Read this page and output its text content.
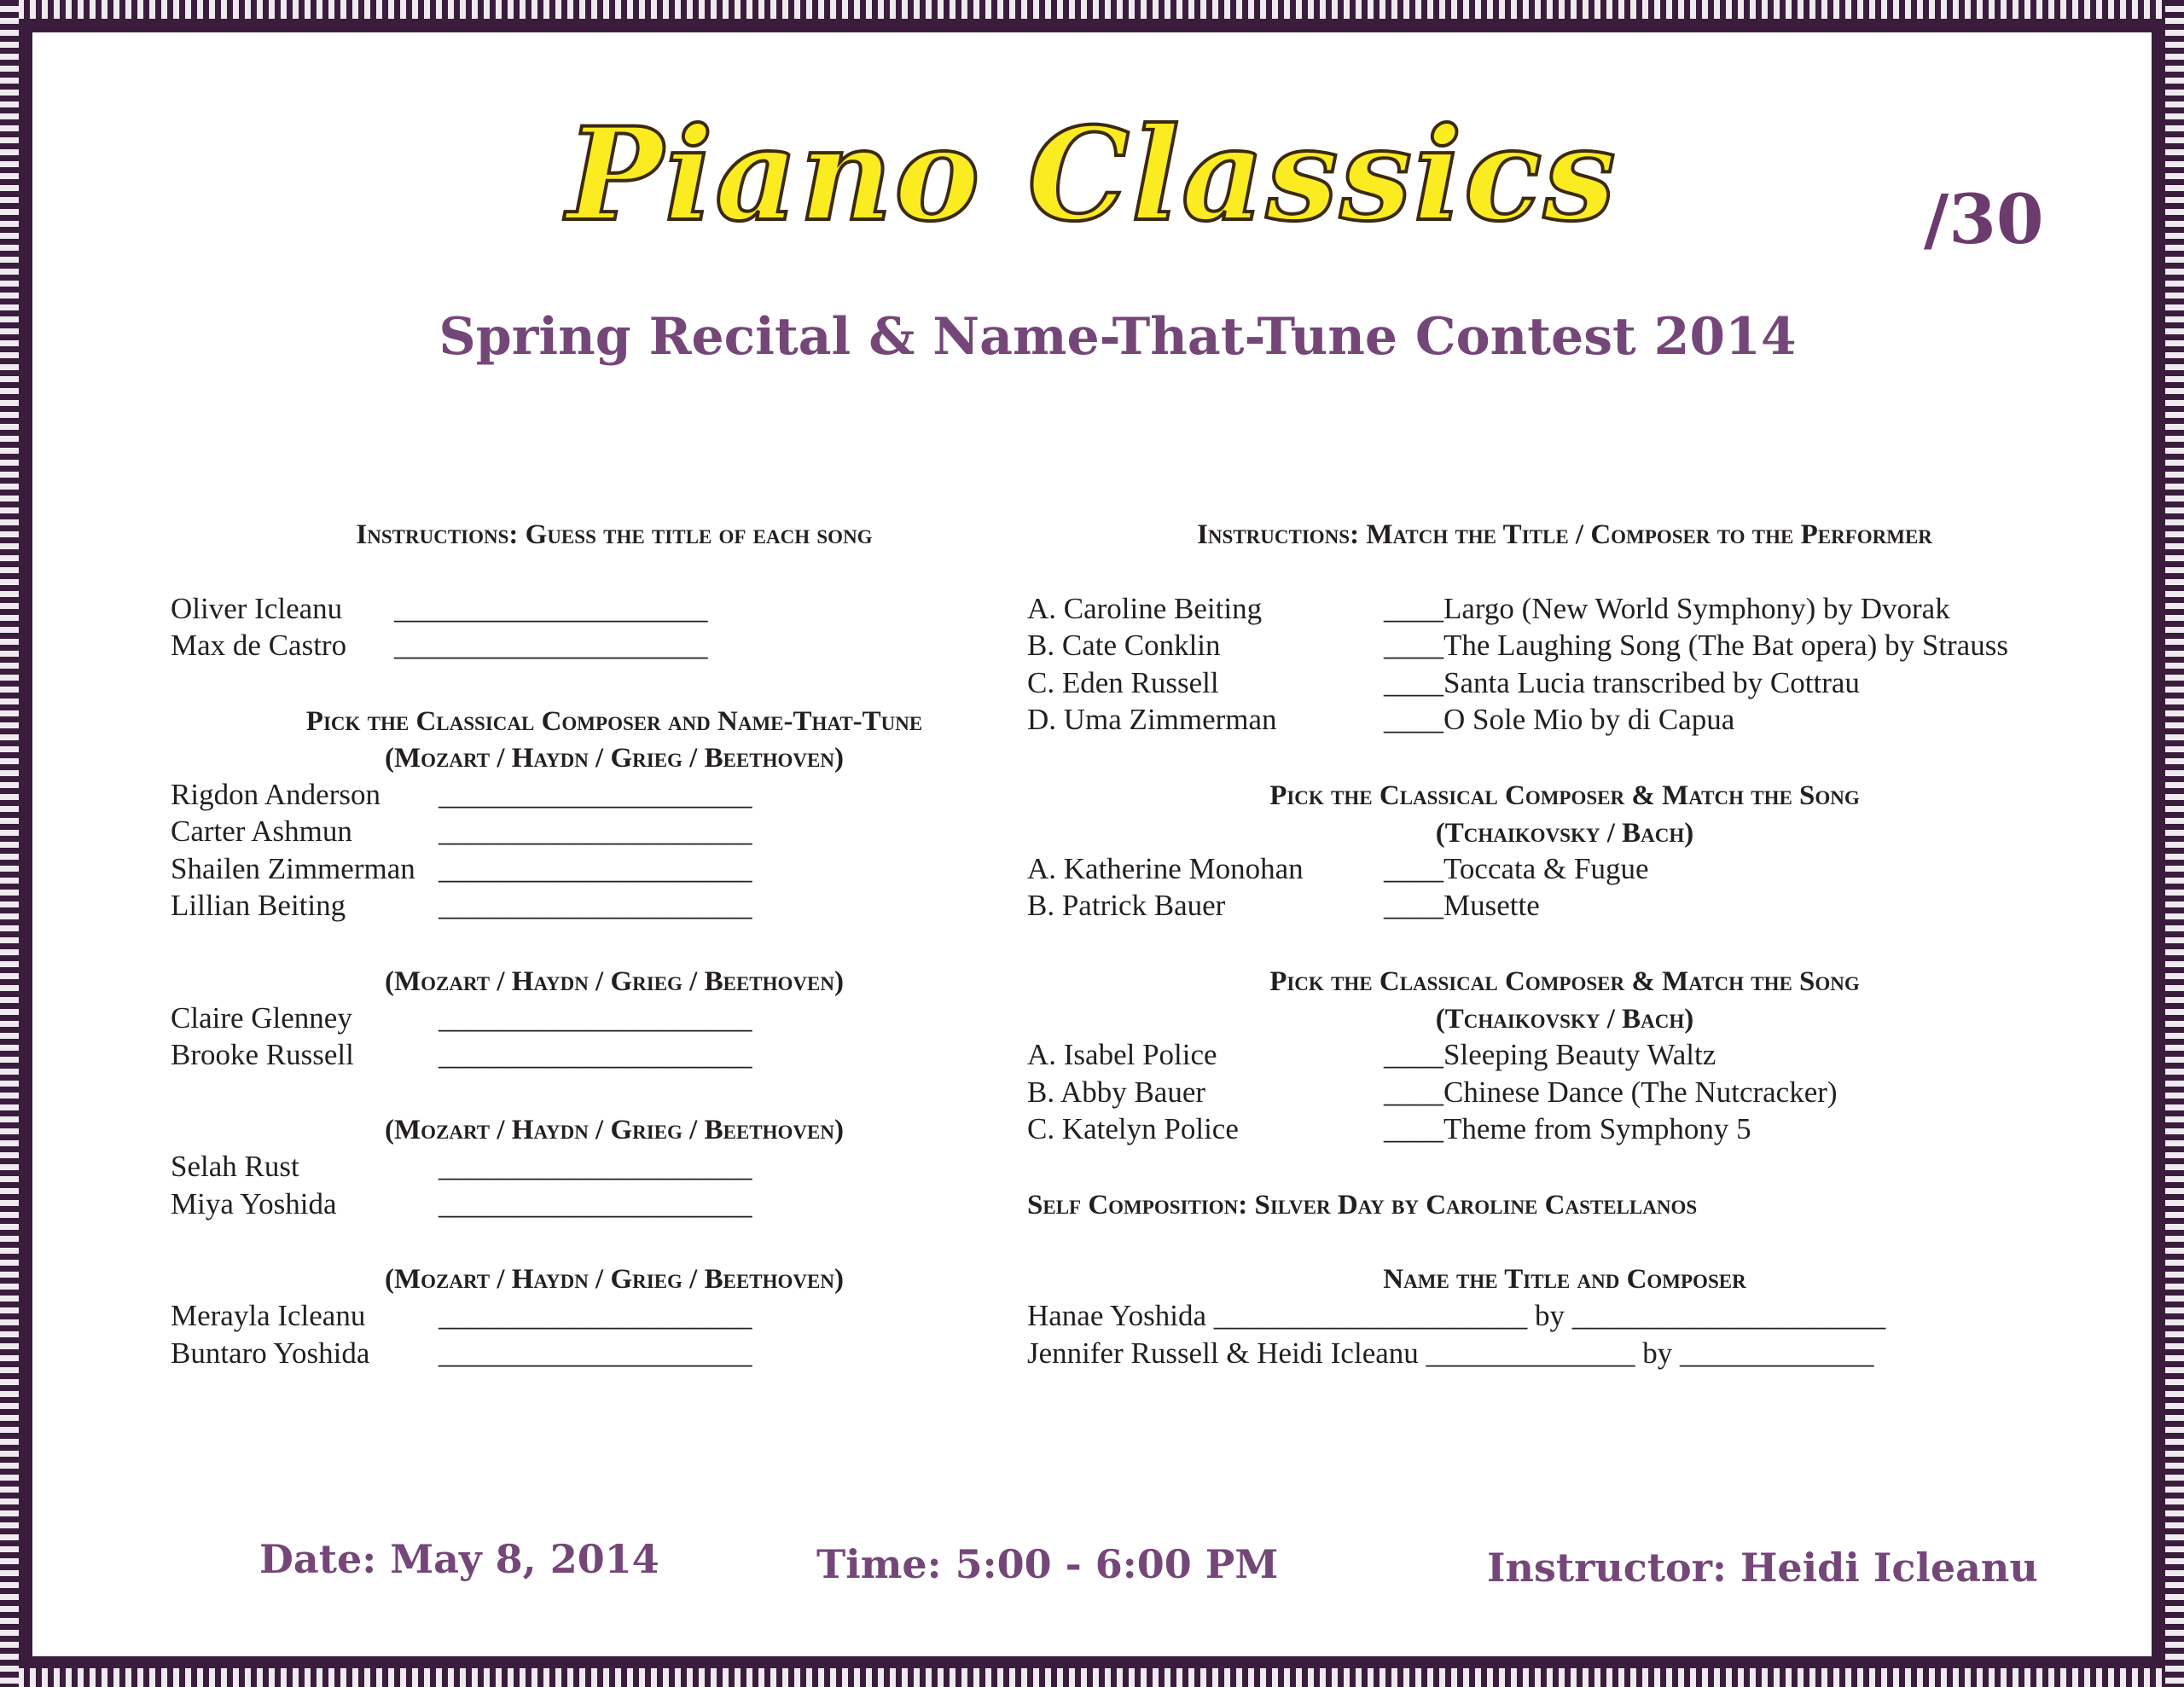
Piano Classics	/30
Spring Recital & Name-That-Tune Contest 2014
Instructions: Guess the title of each song
Oliver Icleanu _____________________
Max de Castro _____________________
Pick the Classical Composer and Name-That-Tune
(Mozart / Haydn / Grieg / Beethoven)
Rigdon Anderson _____________________
Carter Ashmun	_____________________
Shailen Zimmerman _____________________
Lillian Beiting	_____________________
(Mozart / Haydn / Grieg / Beethoven)
Claire Glenney	_____________________
Brooke Russell	_____________________
(Mozart / Haydn / Grieg / Beethoven)
Selah Rust	_____________________
Miya Yoshida	_____________________
(Mozart / Haydn / Grieg / Beethoven)
Merayla Icleanu _____________________
Buntaro Yoshida _____________________
Instructions: Match the Title / Composer to the Performer
A. Caroline Beiting	____Largo (New World Symphony) by Dvorak
B. Cate Conklin	____The Laughing Song (The Bat opera) by Strauss
C. Eden Russell	____Santa Lucia transcribed by Cottrau
D. Uma Zimmerman	____O Sole Mio by di Capua
Pick the Classical Composer & Match the Song
(Tchaikovsky / Bach)
A. Katherine Monohan	____Toccata & Fugue
B. Patrick Bauer	____Musette
Pick the Classical Composer & Match the Song
(Tchaikovsky / Bach)
A. Isabel Police	____Sleeping Beauty Waltz
B. Abby Bauer	____Chinese Dance (The Nutcracker)
C. Katelyn Police	____Theme from Symphony 5
Self Composition: Silver Day by Caroline Castellanos
Name the Title and Composer
Hanae Yoshida _____________________ by _____________________
Jennifer Russell & Heidi Icleanu ______________ by _____________
Date: May 8, 2014	Time: 5:00 - 6:00 PM	Instructor: Heidi Icleanu
